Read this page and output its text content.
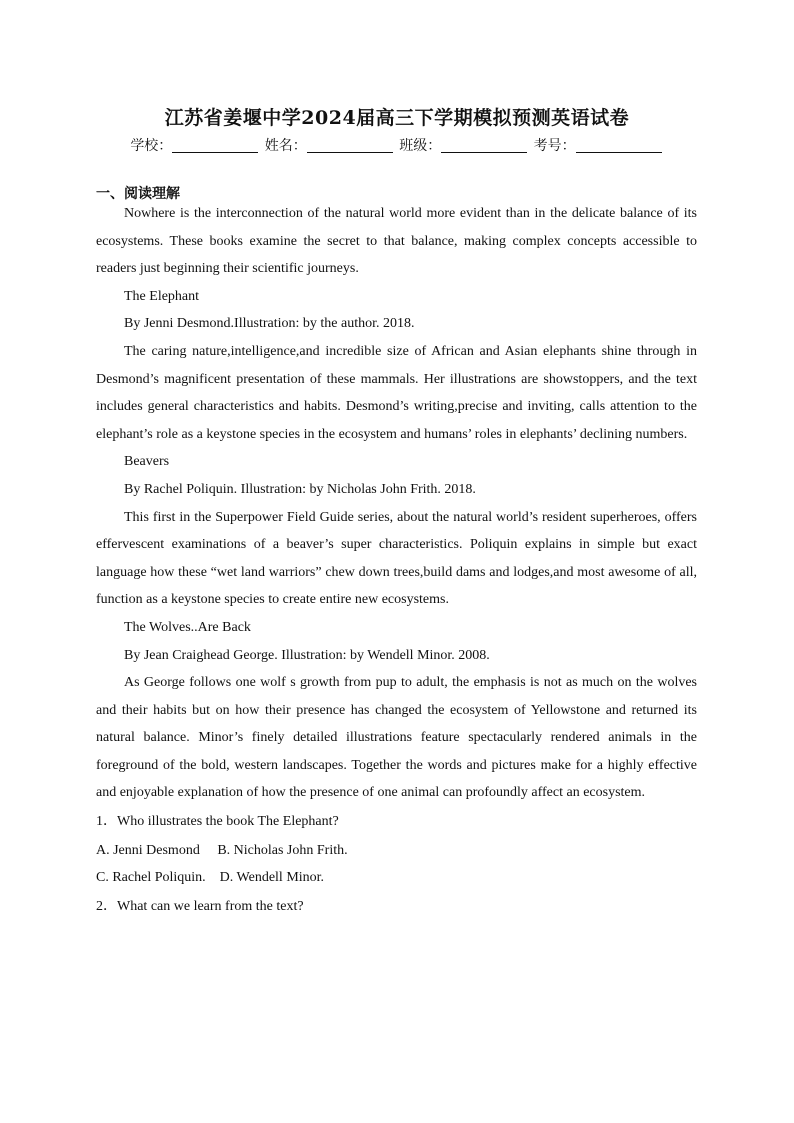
江苏省姜堰中学2024届高三下学期模拟预测英语试卷
学校：	姓名：	班级：	考号：
一、阅读理解

Nowhere is the interconnection of the natural world more evident than in the delicate balance of its ecosystems. These books examine the secret to that balance, making complex concepts accessible to readers just beginning their scientific journeys.

The Elephant

By Jenni Desmond.Illustration: by the author. 2018.

The caring nature,intelligence,and incredible size of African and Asian elephants shine through in Desmond’s magnificent presentation of these mammals. Her illustrations are showstoppers, and the text includes general characteristics and habits. Desmond’s writing,precise and inviting, calls attention to the elephant’s role as a keystone species in the ecosystem and humans’ roles in elephants’ declining numbers.

Beavers

By Rachel Poliquin. Illustration: by Nicholas John Frith. 2018.

This first in the Superpower Field Guide series, about the natural world’s resident superheroes, offers effervescent examinations of a beaver’s super characteristics. Poliquin explains in simple but exact language how these “wet land warriors” chew down trees,build dams and lodges,and most awesome of all, function as a keystone species to create entire new ecosystems.

The Wolves..Are Back

By Jean Craighead George. Illustration: by Wendell Minor. 2008.

As George follows one wolf s growth from pup to adult, the emphasis is not as much on the wolves and their habits but on how their presence has changed the ecosystem of Yellowstone and returned its natural balance. Minor’s finely detailed illustrations feature spectacularly rendered animals in the foreground of the bold, western landscapes. Together the words and pictures make for a highly effective and enjoyable explanation of how the presence of one animal can profoundly affect an ecosystem.

1．Who illustrates the book The Elephant?
A. Jenni Desmond     B. Nicholas John Frith.
C. Rachel Poliquin.    D. Wendell Minor.
2．What can we learn from the text?
